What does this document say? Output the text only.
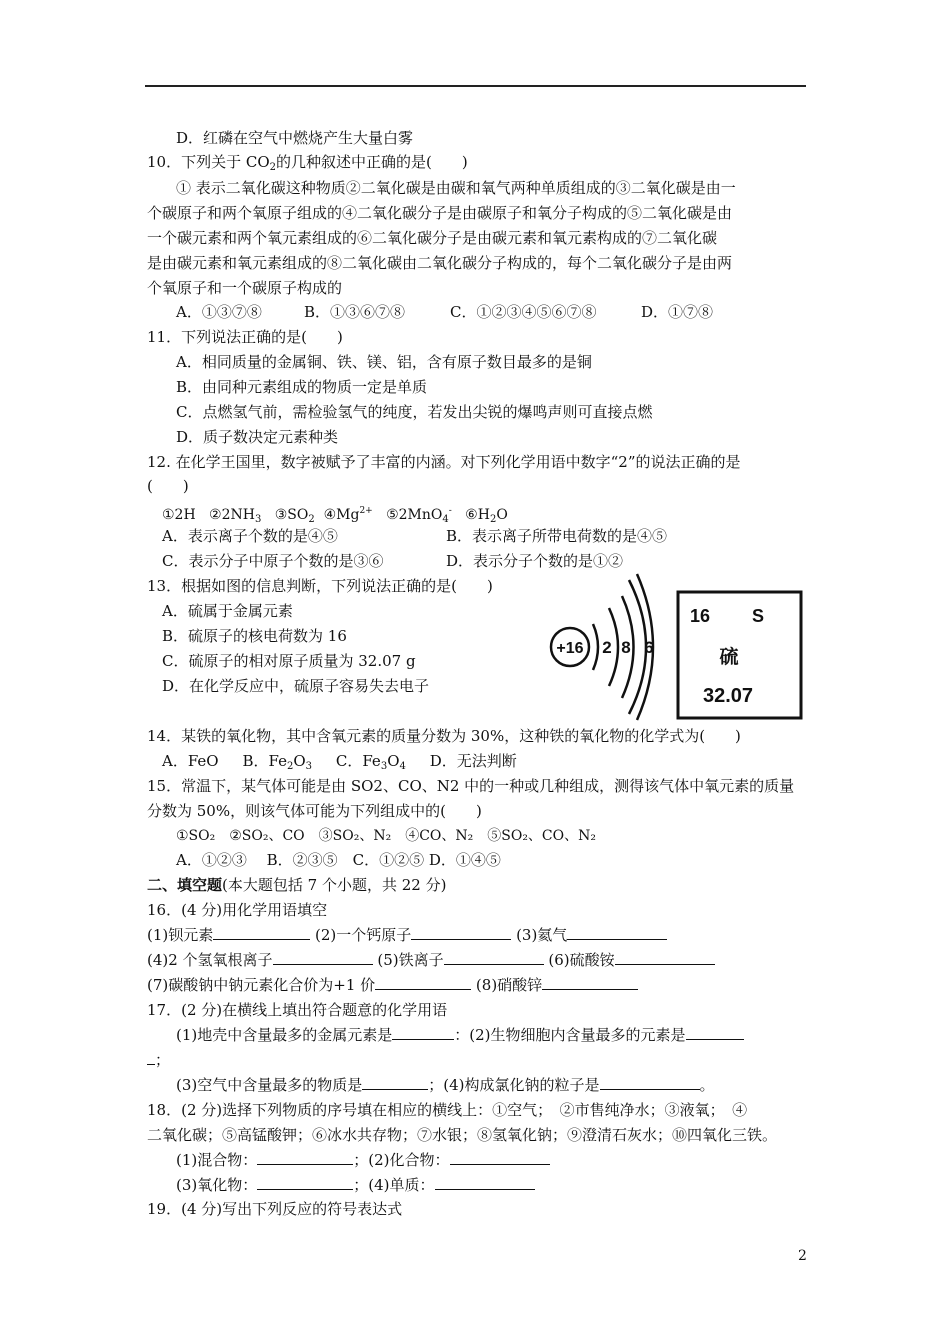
D．红磷在空气中燃烧产生大量白雾
10．下列关于 $CO_2$的几种叙述中正确的是(　　)
① 表示二氧化碳这种物质②二氧化碳是由碳和氧气两种单质组成的③二氧化碳是由一
个碳原子和两个氧原子组成的④二氧化碳分子是由碳原子和氧分子构成的⑤二氧化碳是由
一个碳元素和两个氧元素组成的⑥二氧化碳分子是由碳元素和氧元素构成的⑦二氧化碳
是由碳元素和氧元素组成的⑧二氧化碳由二氧化碳分子构成的，每个二氧化碳分子是由两
个氧原子和一个碳原子构成的
A．①③⑦⑧	B．①③⑥⑦⑧	C．①②③④⑤⑥⑦⑧	D．①⑦⑧
11．下列说法正确的是(　　)
A．相同质量的金属铜、铁、镁、铝，含有原子数目最多的是铜
B．由同种元素组成的物质一定是单质
C．点燃氢气前，需检验氢气的纯度，若发出尖锐的爆鸣声则可直接点燃
D．质子数决定元素种类
12. 在化学王国里，数字被赋予了丰富的内涵。对下列化学用语中数字“2”的说法正确的是
(　　)
①2H $②2NH_3$ $③SO_2$ $④Mg^{2+}$ ⑤2MnO$_4$- $⑥H_2O$
A．表示离子个数的是④⑤	B．表示离子所带电荷数的是④⑤
C．表示分子中原子个数的是③⑥	D．表示分子个数的是①②
13．根据如图的信息判断，下列说法正确的是(　　)
A．硫属于金属元素
B．硫原子的核电荷数为 16
C．硫原子的相对原子质量为 32.07 g
D．在化学反应中，硫原子容易失去电子
+16 2 8 6
16 S
硫
32.07
14．某铁的氧化物，其中含氧元素的质量分数为 30%，这种铁的氧化物的化学式为(　　)
A．FeO B．$Fe_2O_3$ C．$Fe_3O_4$ D．无法判断
15．常温下，某气体可能是由 SO2、CO、N2 中的一种或几种组成，测得该气体中氧元素的质量
分数为 50%，则该气体可能为下列组成中的(　　)
①SO₂　②SO₂、CO　③SO₂、N₂　④CO、N₂　⑤SO₂、CO、N₂
A．①②③　 B．②③⑤　C．①②⑤ D．①④⑤
二、填空题(本大题包括 7 个小题，共 22 分)
16．(4 分)用化学用语填空
(1)钡元素	(2)一个钙原子	(3)氦气
(4)2 个氢氧根离子	(5)铁离子	(6)硫酸铵
(7)碳酸钠中钠元素化合价为+1 价	(8)硝酸锌
17．(2 分)在横线上填出符合题意的化学用语
(1)地壳中含量最多的金属元素是	：(2)生物细胞内含量最多的元素是
；
(3)空气中含量最多的物质是	；(4)构成氯化钠的粒子是	。
18．(2 分)选择下列物质的序号填在相应的横线上：①空气；　②市售纯净水；③液氧；　④
二氧化碳；⑤高锰酸钾；⑥冰水共存物；⑦水银；⑧氢氧化钠；⑨澄清石灰水；⑩四氧化三铁。
(1)混合物：	；(2)化合物：
(3)氧化物：	；(4)单质：
19．(4 分)写出下列反应的符号表达式
2
